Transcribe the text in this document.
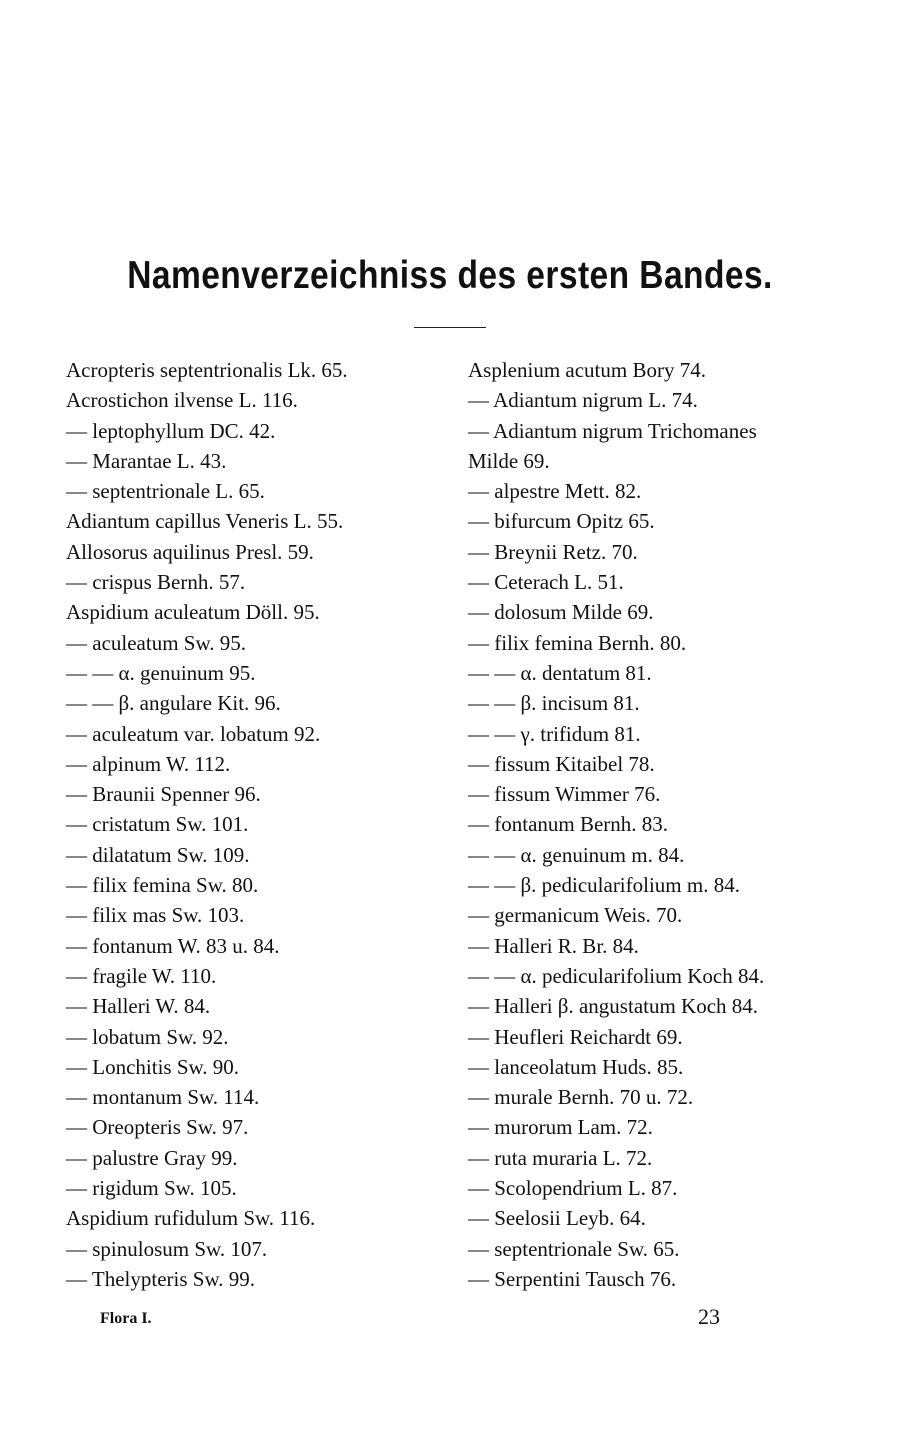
Namenverzeichniss des ersten Bandes.
Acropteris septentrionalis Lk. 65.
Acrostichon ilvense L. 116.
— leptophyllum DC. 42.
— Marantae L. 43.
— septentrionale L. 65.
Adiantum capillus Veneris L. 55.
Allosorus aquilinus Presl. 59.
— crispus Bernh. 57.
Aspidium aculeatum Döll. 95.
— aculeatum Sw. 95.
— — α. genuinum 95.
— — β. angulare Kit. 96.
— aculeatum var. lobatum 92.
— alpinum W. 112.
— Braunii Spenner 96.
— cristatum Sw. 101.
— dilatatum Sw. 109.
— filix femina Sw. 80.
— filix mas Sw. 103.
— fontanum W. 83 u. 84.
— fragile W. 110.
— Halleri W. 84.
— lobatum Sw. 92.
— Lonchitis Sw. 90.
— montanum Sw. 114.
— Oreopteris Sw. 97.
— palustre Gray 99.
— rigidum Sw. 105.
Aspidium rufidulum Sw. 116.
— spinulosum Sw. 107.
— Thelypteris Sw. 99.
Asplenium acutum Bory 74.
— Adiantum nigrum L. 74.
— Adiantum nigrum Trichomanes
Milde 69.
— alpestre Mett. 82.
— bifurcum Opitz 65.
— Breynii Retz. 70.
— Ceterach L. 51.
— dolosum Milde 69.
— filix femina Bernh. 80.
— — α. dentatum 81.
— — β. incisum 81.
— — γ. trifidum 81.
— fissum Kitaibel 78.
— fissum Wimmer 76.
— fontanum Bernh. 83.
— — α. genuinum m. 84.
— — β. pedicularifolium m. 84.
— germanicum Weis. 70.
— Halleri R. Br. 84.
— — α. pedicularifolium Koch 84.
— Halleri β. angustatum Koch 84.
— Heufleri Reichardt 69.
— lanceolatum Huds. 85.
— murale Bernh. 70 u. 72.
— murorum Lam. 72.
— ruta muraria L. 72.
— Scolopendrium L. 87.
— Seelosii Leyb. 64.
— septentrionale Sw. 65.
— Serpentini Tausch 76.
Flora I.	23
